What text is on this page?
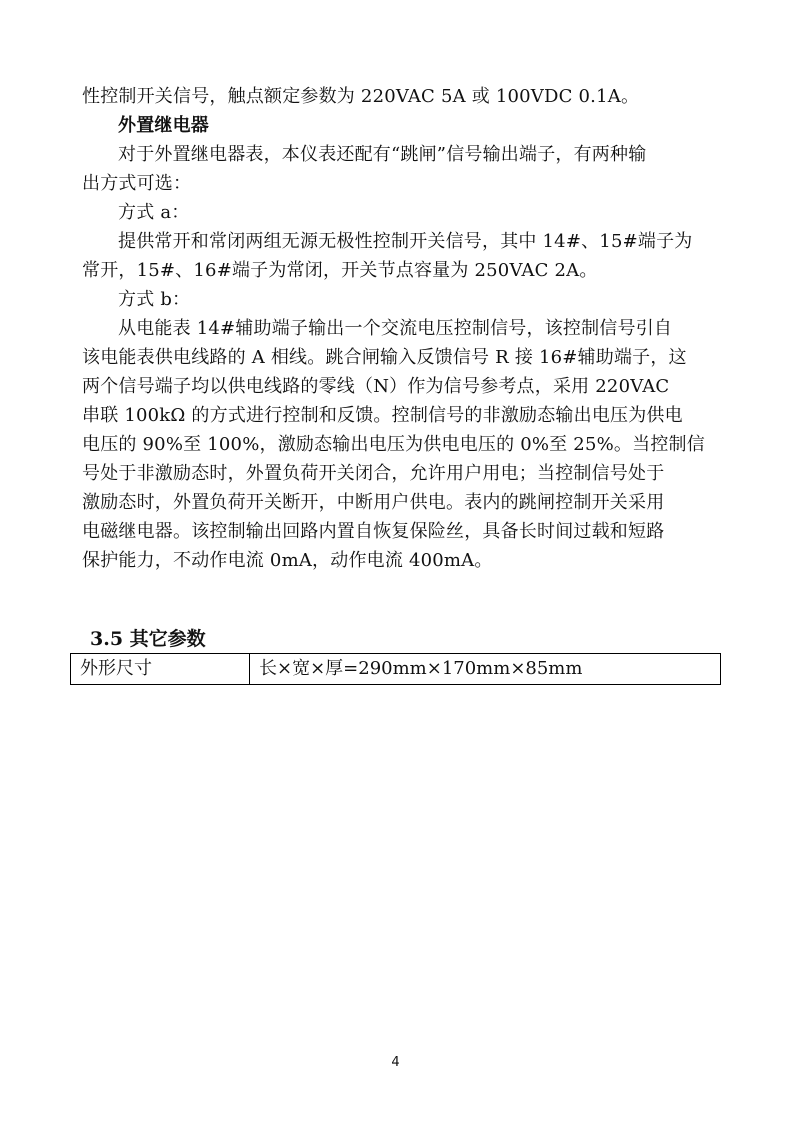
性控制开关信号，触点额定参数为 220VAC 5A 或 100VDC 0.1A。

外置继电器

对于外置继电器表，本仪表还配有“跳闸”信号输出端子，有两种输

出方式可选：

方式 a：

提供常开和常闭两组无源无极性控制开关信号，其中 14#、15#端子为

常开，15#、16#端子为常闭，开关节点容量为 250VAC 2A。

方式 b：

从电能表 14#辅助端子输出一个交流电压控制信号，该控制信号引自

该电能表供电线路的 A 相线。跳合闸输入反馈信号 R 接 16#辅助端子，这

两个信号端子均以供电线路的零线（N）作为信号参考点，采用 220VAC

串联 100kΩ 的方式进行控制和反馈。控制信号的非激励态输出电压为供电

电压的 90%至 100%，激励态输出电压为供电电压的 0%至 25%。当控制信

号处于非激励态时，外置负荷开关闭合，允许用户用电；当控制信号处于

激励态时，外置负荷开关断开，中断用户供电。表内的跳闸控制开关采用

电磁继电器。该控制输出回路内置自恢复保险丝，具备长时间过载和短路

保护能力，不动作电流 0mA，动作电流 400mA。

3.5 其它参数
外形尺寸	长×宽×厚=290mm×170mm×85mm
4
